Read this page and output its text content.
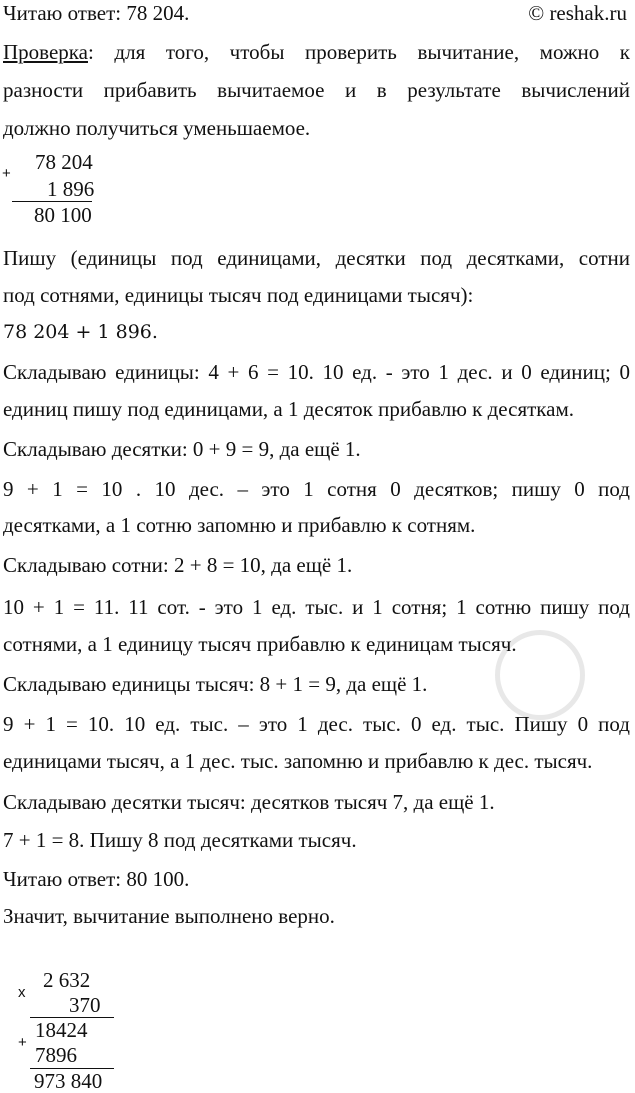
Читаю ответ: 78 204.	© reshak.ru
Проверка: для того, чтобы проверить вычитание, можно к
разности прибавить вычитаемое и в результате вычислений
должно получиться уменьшаемое.
+ 78 204
1 896
80 100
Пишу (единицы под единицами, десятки под десятками, сотни
под сотнями, единицы тысяч под единицами тысяч):
78 204 + 1 896.
Складываю единицы: 4 + 6 = 10. 10 ед. - это 1 дес. и 0 единиц; 0
единиц пишу под единицами, а 1 десяток прибавлю к десяткам.
Складываю десятки: 0 + 9 = 9, да ещё 1.
9 + 1 = 10 . 10 дес. – это 1 сотня 0 десятков; пишу 0 под
десятками, а 1 сотню запомню и прибавлю к сотням.
Складываю сотни: 2 + 8 = 10, да ещё 1.
10 + 1 = 11. 11 сот. - это 1 ед. тыс. и 1 сотня; 1 сотню пишу под
сотнями, а 1 единицу тысяч прибавлю к единицам тысяч.
Складываю единицы тысяч: 8 + 1 = 9, да ещё 1.
9 + 1 = 10. 10 ед. тыс. – это 1 дес. тыс. 0 ед. тыс. Пишу 0 под
единицами тысяч, а 1 дес. тыс. запомню и прибавлю к дес. тысяч.
Складываю десятки тысяч: десятков тысяч 7, да ещё 1.
7 + 1 = 8. Пишу 8 под десятками тысяч.
Читаю ответ: 80 100.
Значит, вычитание выполнено верно.
x
2 632
370
+
18424
7896
973 840
